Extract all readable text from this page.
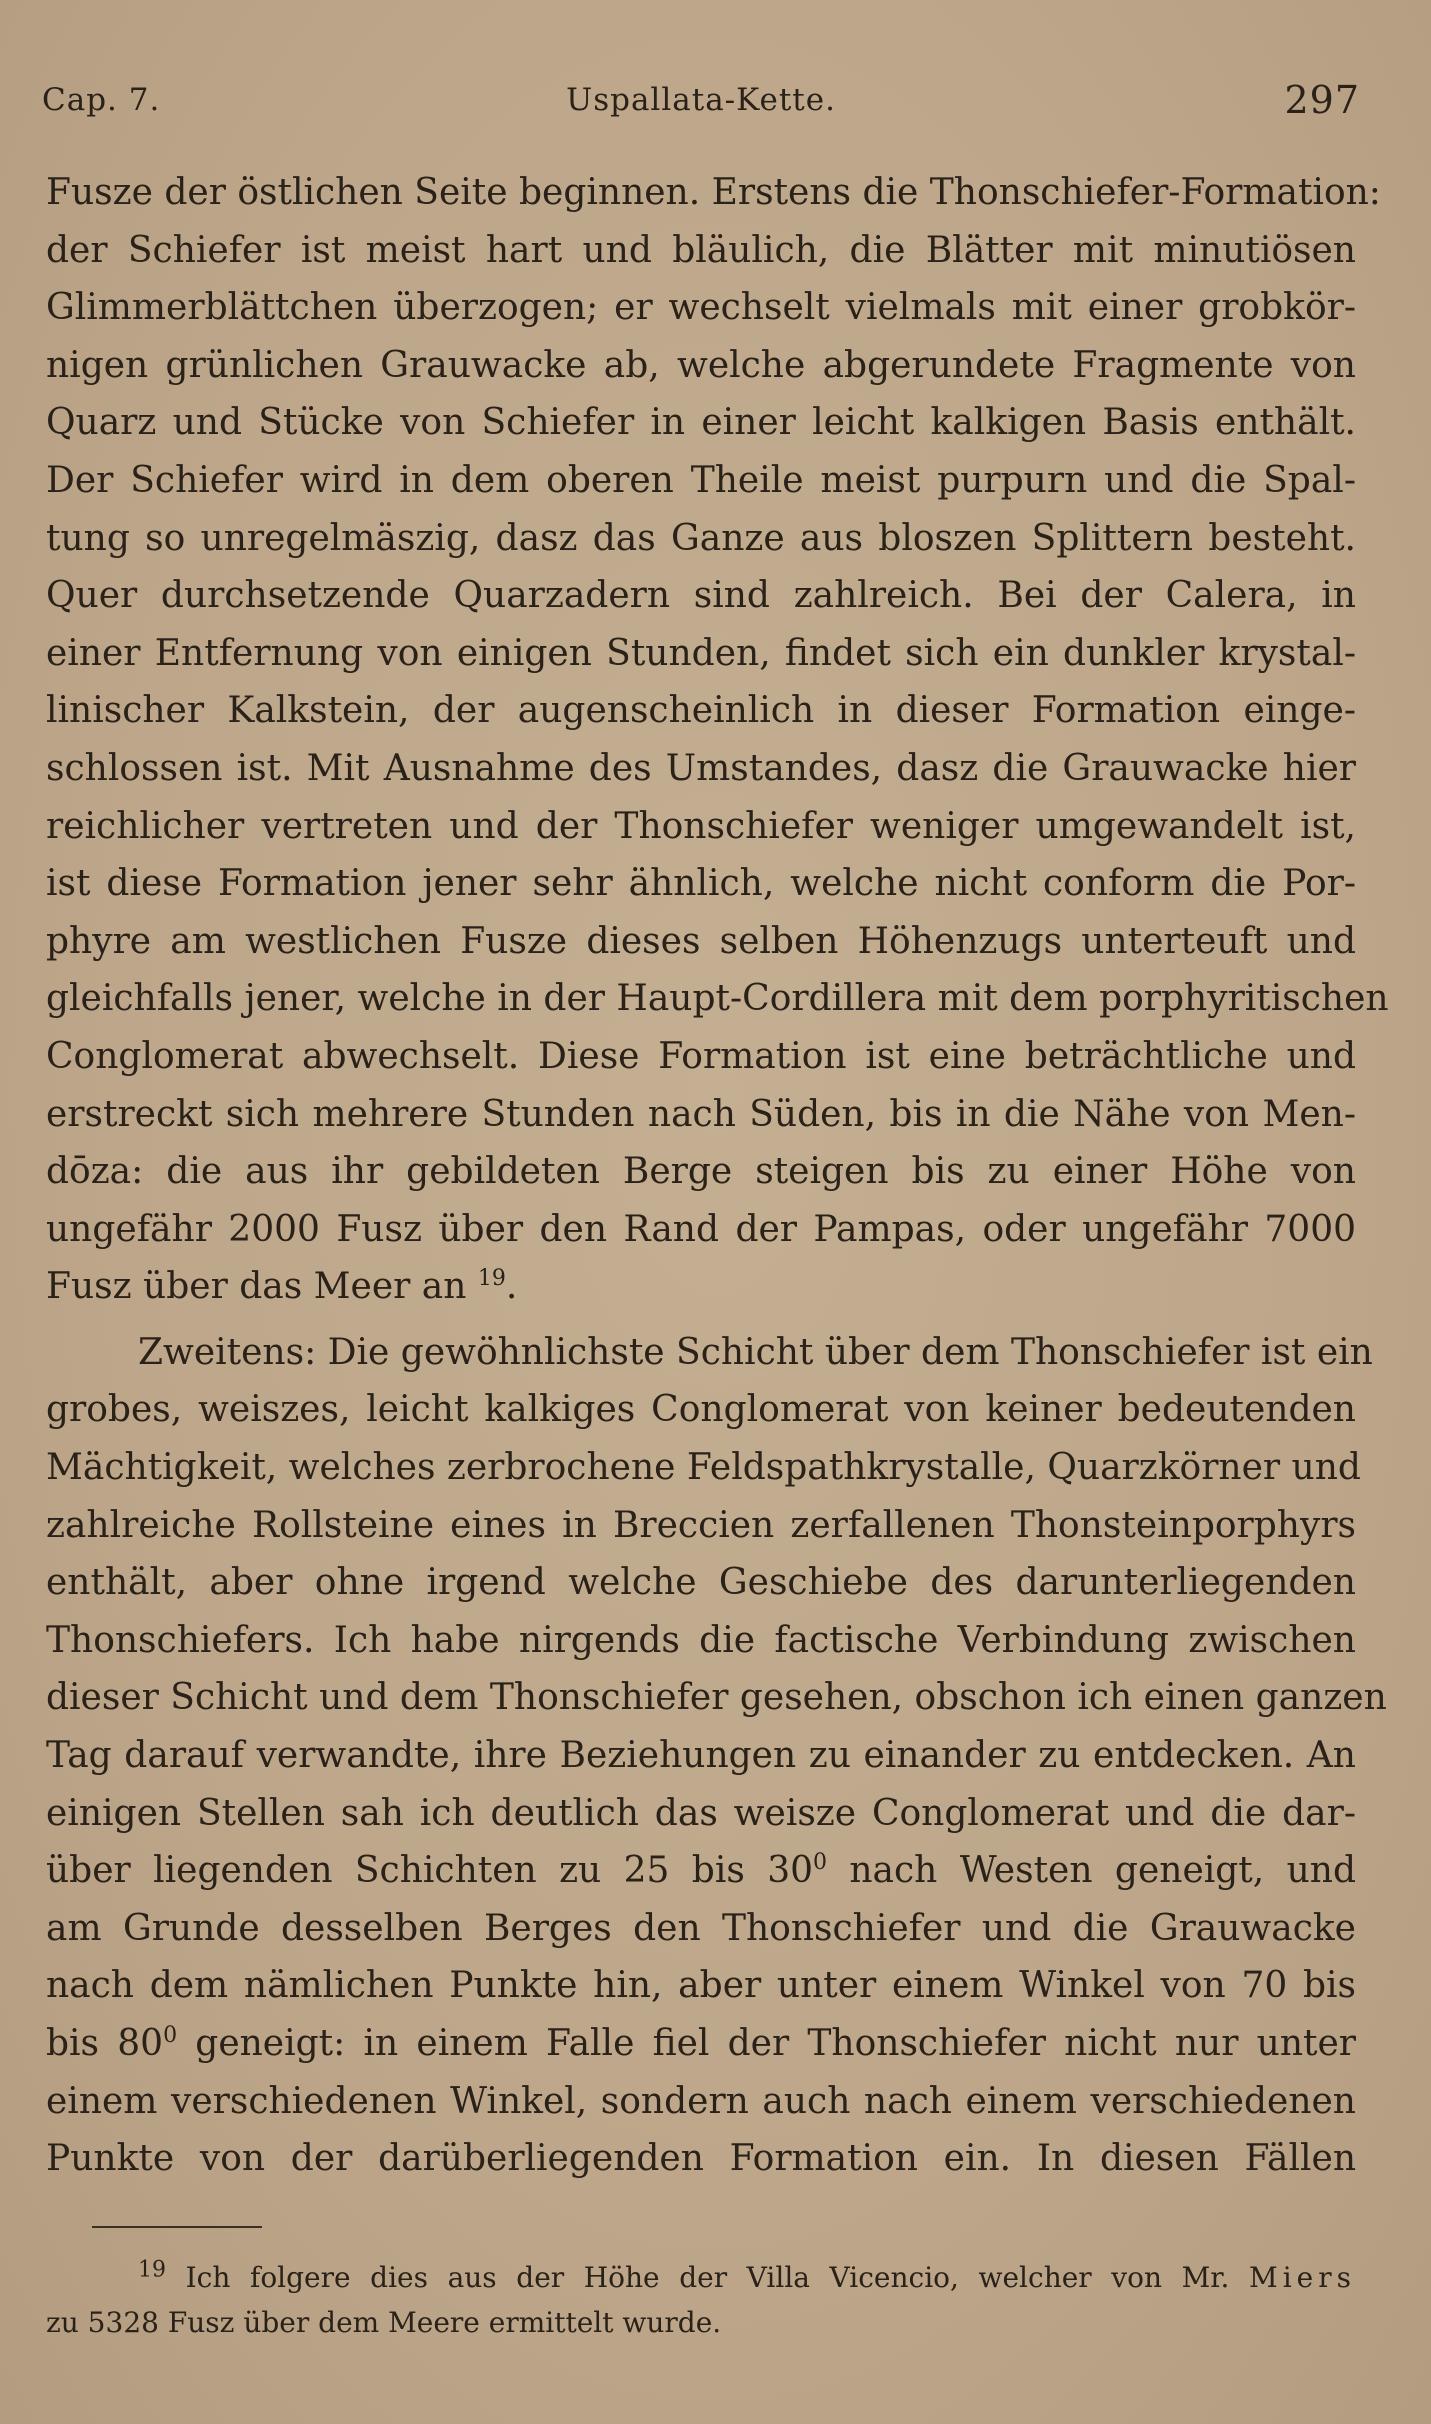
Cap. 7.	Uspallata-Kette.	297
Fusze der östlichen Seite beginnen. Erstens die Thonschiefer-Formation:
der Schiefer ist meist hart und bläulich, die Blätter mit minutiösen
Glimmerblättchen überzogen; er wechselt vielmals mit einer grobkör-
nigen grünlichen Grauwacke ab, welche abgerundete Fragmente von
Quarz und Stücke von Schiefer in einer leicht kalkigen Basis enthält.
Der Schiefer wird in dem oberen Theile meist purpurn und die Spal-
tung so unregelmäszig, dasz das Ganze aus bloszen Splittern besteht.
Quer durchsetzende Quarzadern sind zahlreich. Bei der Calera, in
einer Entfernung von einigen Stunden, findet sich ein dunkler krystal-
linischer Kalkstein, der augenscheinlich in dieser Formation einge-
schlossen ist. Mit Ausnahme des Umstandes, dasz die Grauwacke hier
reichlicher vertreten und der Thonschiefer weniger umgewandelt ist,
ist diese Formation jener sehr ähnlich, welche nicht conform die Por-
phyre am westlichen Fusze dieses selben Höhenzugs unterteuft und
gleichfalls jener, welche in der Haupt-Cordillera mit dem porphyritischen
Conglomerat abwechselt. Diese Formation ist eine beträchtliche und
erstreckt sich mehrere Stunden nach Süden, bis in die Nähe von Men-
dōza: die aus ihr gebildeten Berge steigen bis zu einer Höhe von
ungefähr 2000 Fusz über den Rand der Pampas, oder ungefähr 7000
Fusz über das Meer an $^{19}$.
Zweitens: Die gewöhnlichste Schicht über dem Thonschiefer ist ein
grobes, weiszes, leicht kalkiges Conglomerat von keiner bedeutenden
Mächtigkeit, welches zerbrochene Feldspathkrystalle, Quarzkörner und
zahlreiche Rollsteine eines in Breccien zerfallenen Thonsteinporphyrs
enthält, aber ohne irgend welche Geschiebe des darunterliegenden
Thonschiefers. Ich habe nirgends die factische Verbindung zwischen
dieser Schicht und dem Thonschiefer gesehen, obschon ich einen ganzen
Tag darauf verwandte, ihre Beziehungen zu einander zu entdecken. An
einigen Stellen sah ich deutlich das weisze Conglomerat und die dar-
über liegenden Schichten zu 25 bis $30^0$ nach Westen geneigt, und
am Grunde desselben Berges den Thonschiefer und die Grauwacke
nach dem nämlichen Punkte hin, aber unter einem Winkel von 70 bis
bis $80^0$ geneigt: in einem Falle fiel der Thonschiefer nicht nur unter
einem verschiedenen Winkel, sondern auch nach einem verschiedenen
Punkte von der darüberliegenden Formation ein. In diesen Fällen
$^{19}$ Ich folgere dies aus der Höhe der Villa Vicencio, welcher von Mr. Miers
zu 5328 Fusz über dem Meere ermittelt wurde.
